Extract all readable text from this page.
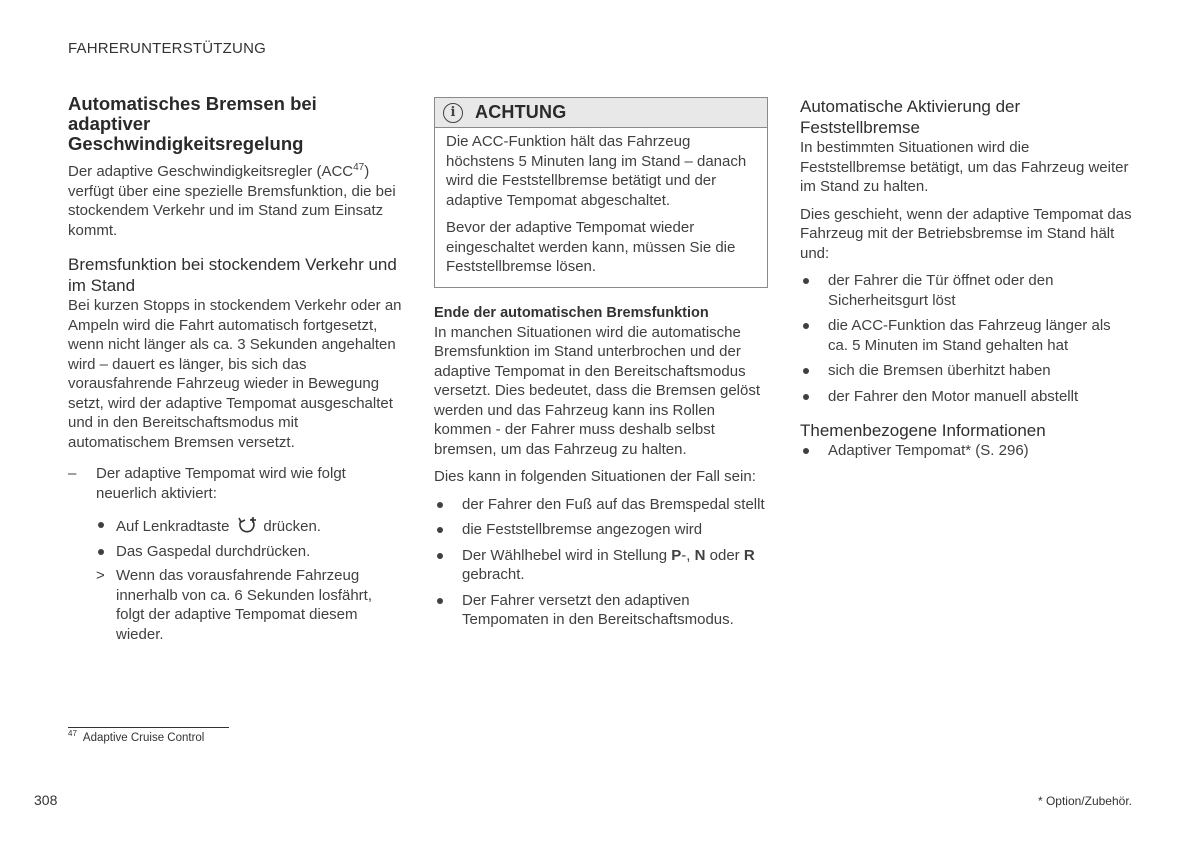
FAHRERUNTERSTÜTZUNG
Automatisches Bremsen bei
adaptiver
Geschwindigkeitsregelung

Der adaptive Geschwindigkeitsregler (ACC$^{47}$) verfügt über eine spezielle Bremsfunktion, die bei stockendem Verkehr und im Stand zum Einsatz kommt.

Bremsfunktion bei stockendem Verkehr und im Stand

Bei kurzen Stopps in stockendem Verkehr oder an Ampeln wird die Fahrt automatisch fortgesetzt, wenn nicht länger als ca. 3 Sekunden angehalten wird – dauert es länger, bis sich das vorausfahrende Fahrzeug wieder in Bewegung setzt, wird der adaptive Tempomat ausgeschaltet und in den Bereitschaftsmodus mit automatischem Bremsen versetzt.

– Der adaptive Tempomat wird wie folgt neuerlich aktiviert:
Auf Lenkradtaste drücken.
Das Gaspedal durchdrücken.
> Wenn das vorausfahrende Fahrzeug innerhalb von ca. 6 Sekunden losfährt, folgt der adaptive Tempomat diesem wieder.
i	ACHTUNG

Die ACC-Funktion hält das Fahrzeug höchstens 5 Minuten lang im Stand – danach wird die Feststellbremse betätigt und der adaptive Tempomat abgeschaltet.

Bevor der adaptive Tempomat wieder eingeschaltet werden kann, müssen Sie die Feststellbremse lösen.

Ende der automatischen Bremsfunktion

In manchen Situationen wird die automatische Bremsfunktion im Stand unterbrochen und der adaptive Tempomat in den Bereitschaftsmodus versetzt. Dies bedeutet, dass die Bremsen gelöst werden und das Fahrzeug kann ins Rollen kommen - der Fahrer muss deshalb selbst bremsen, um das Fahrzeug zu halten.

Dies kann in folgenden Situationen der Fall sein:

der Fahrer den Fuß auf das Bremspedal stellt
die Feststellbremse angezogen wird
Der Wählhebel wird in Stellung P-, N oder R gebracht.
Der Fahrer versetzt den adaptiven Tempomaten in den Bereitschaftsmodus.
Automatische Aktivierung der Feststellbremse

In bestimmten Situationen wird die Feststellbremse betätigt, um das Fahrzeug weiter im Stand zu halten.

Dies geschieht, wenn der adaptive Tempomat das Fahrzeug mit der Betriebsbremse im Stand hält und:

der Fahrer die Tür öffnet oder den Sicherheitsgurt löst
die ACC-Funktion das Fahrzeug länger als ca. 5 Minuten im Stand gehalten hat
sich die Bremsen überhitzt haben
der Fahrer den Motor manuell abstellt
Themenbezogene Informationen
Adaptiver Tempomat* (S. 296)
$^{47}$ Adaptive Cruise Control
308	* Option/Zubehör.
